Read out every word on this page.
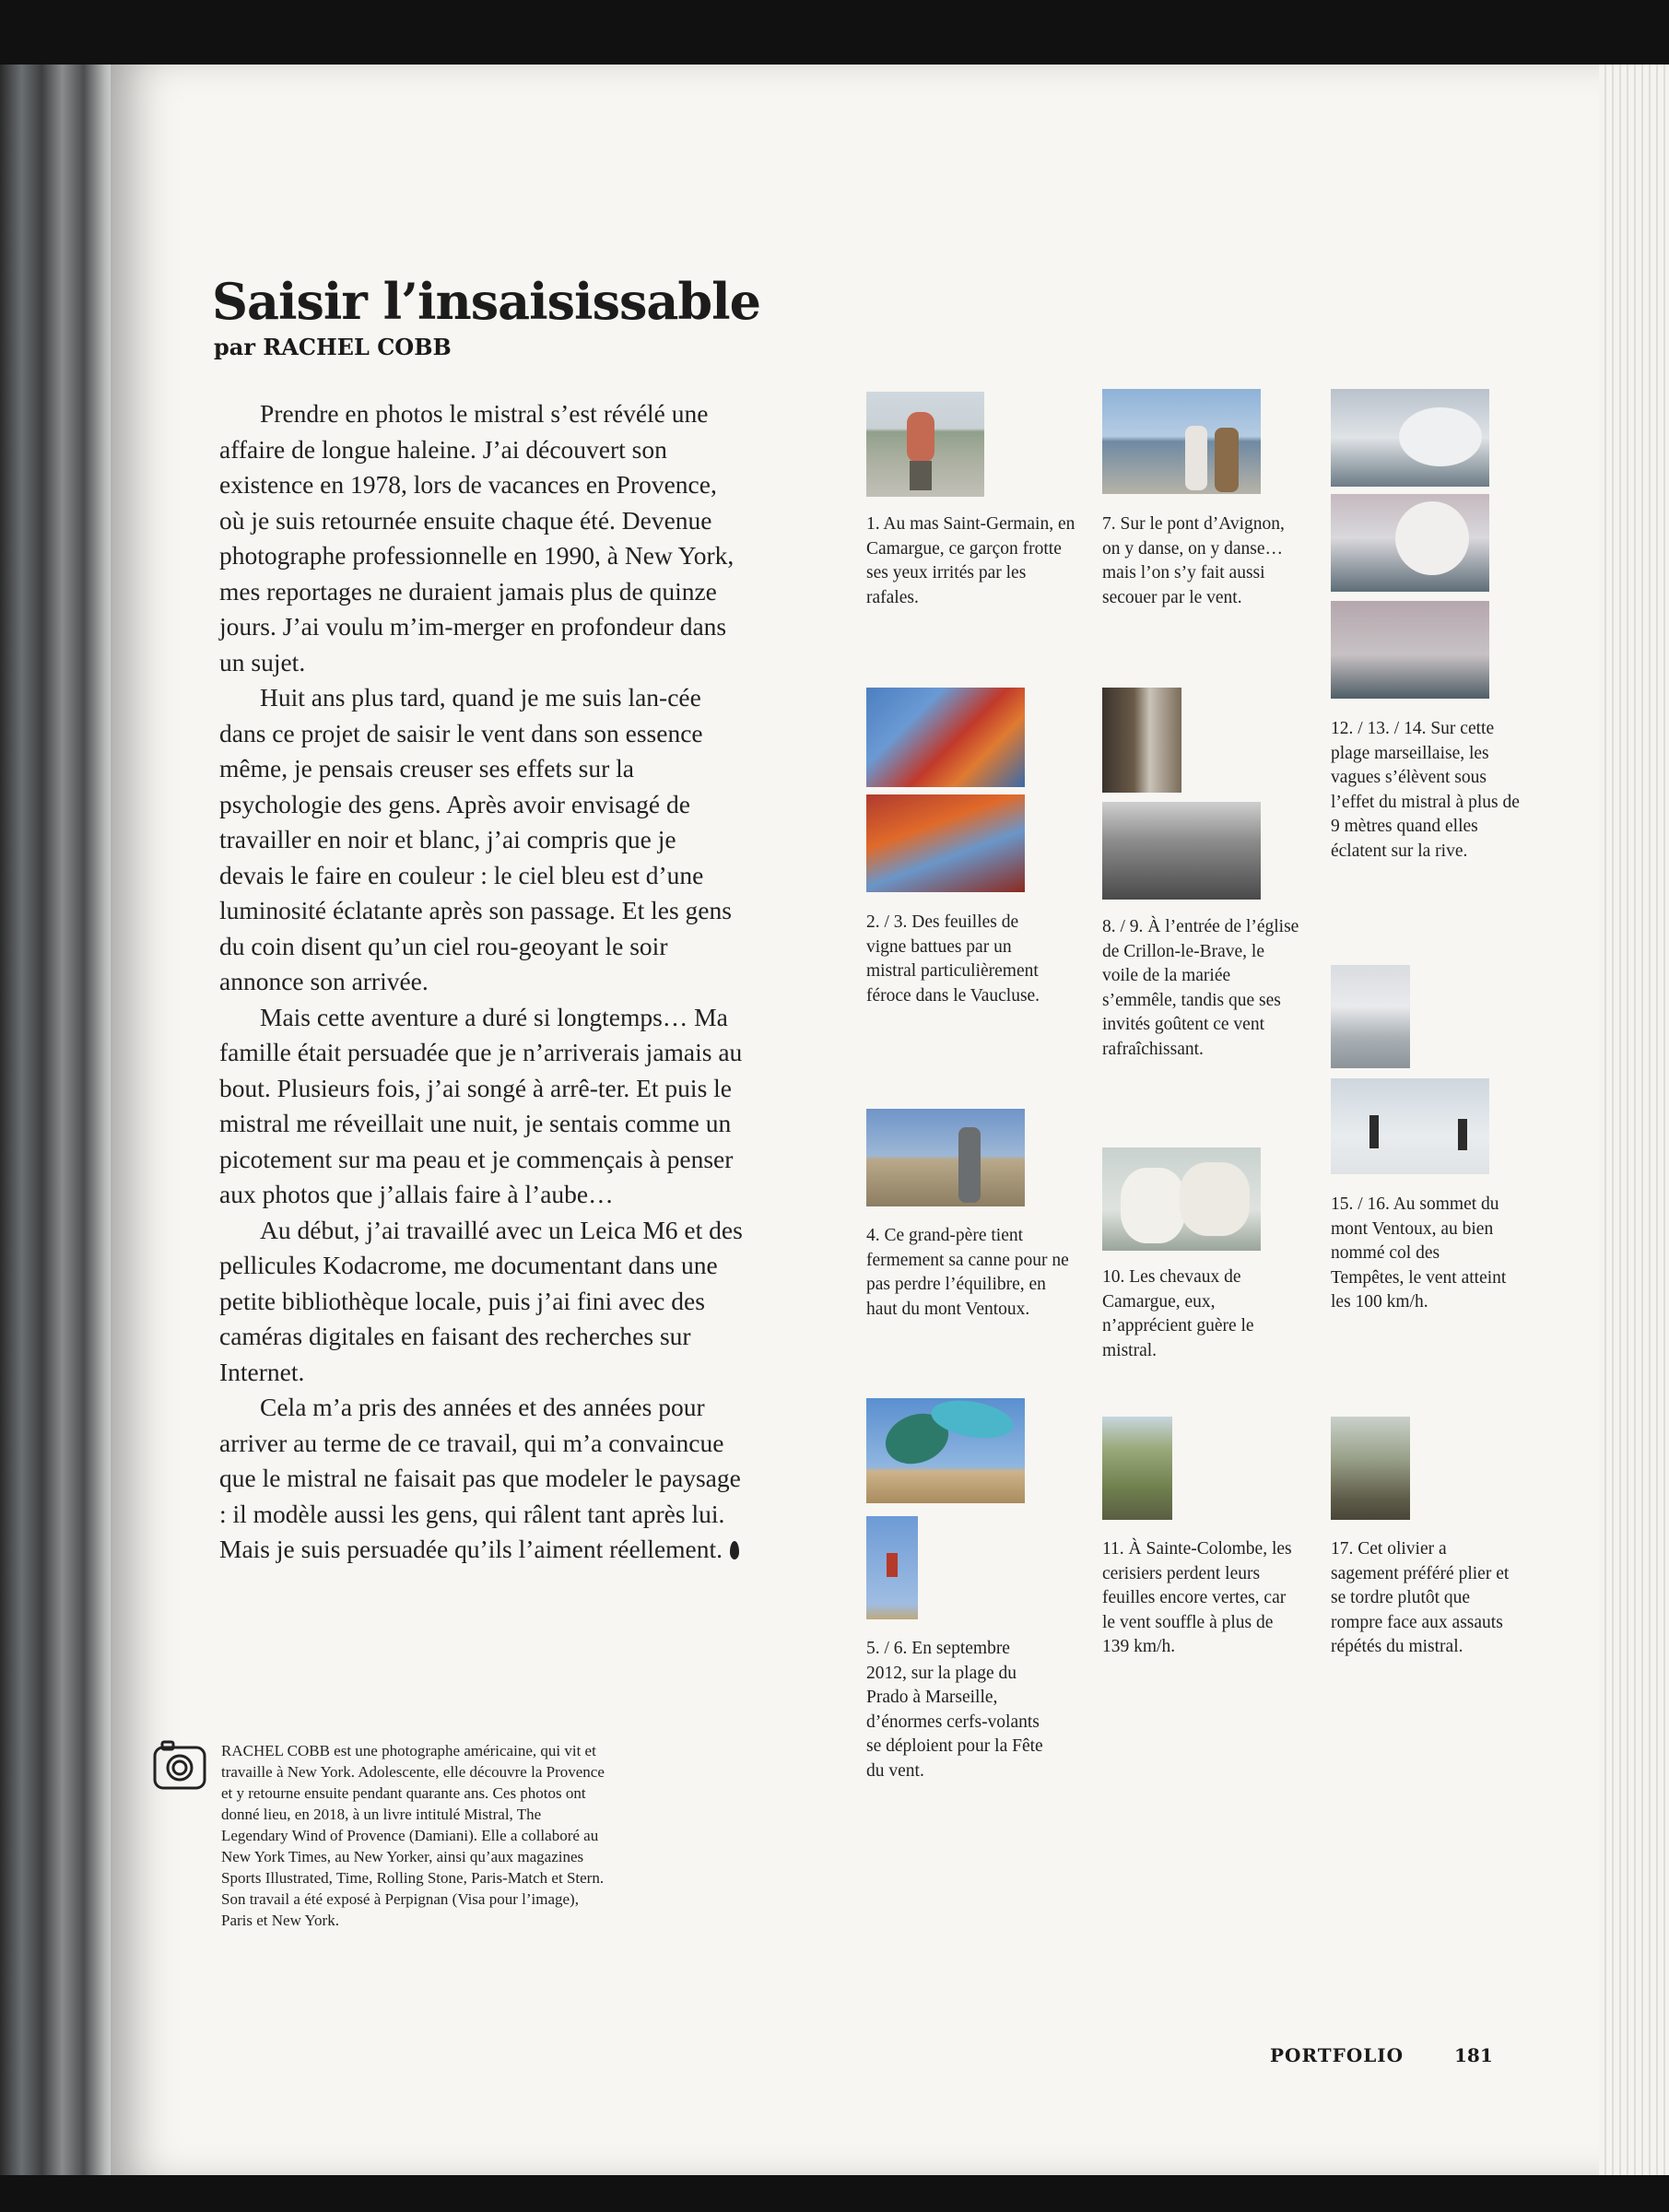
Saisir l’insaisissable
par RACHEL COBB

Prendre en photos le mistral s’est révélé une affaire de longue haleine. J’ai découvert son existence en 1978, lors de vacances en Provence, où je suis retournée ensuite chaque été. Devenue photographe professionnelle en 1990, à New York, mes reportages ne duraient jamais plus de quinze jours. J’ai voulu m’im-merger en profondeur dans un sujet.

Huit ans plus tard, quand je me suis lan-cée dans ce projet de saisir le vent dans son essence même, je pensais creuser ses effets sur la psychologie des gens. Après avoir envisagé de travailler en noir et blanc, j’ai compris que je devais le faire en couleur : le ciel bleu est d’une luminosité éclatante après son passage. Et les gens du coin disent qu’un ciel rou-geoyant le soir annonce son arrivée.

Mais cette aventure a duré si longtemps… Ma famille était persuadée que je n’arriverais jamais au bout. Plusieurs fois, j’ai songé à arrê-ter. Et puis le mistral me réveillait une nuit, je sentais comme un picotement sur ma peau et je commençais à penser aux photos que j’allais faire à l’aube…

Au début, j’ai travaillé avec un Leica M6 et des pellicules Kodacrome, me documentant dans une petite bibliothèque locale, puis j’ai fini avec des caméras digitales en faisant des recherches sur Internet.

Cela m’a pris des années et des années pour arriver au terme de ce travail, qui m’a convaincue que le mistral ne faisait pas que modeler le paysage : il modèle aussi les gens, qui râlent tant après lui. Mais je suis persuadée qu’ils l’aiment réellement.

RACHEL COBB est une photographe américaine, qui vit et travaille à New York. Adolescente, elle découvre la Provence et y retourne ensuite pendant quarante ans. Ces photos ont donné lieu, en 2018, à un livre intitulé Mistral, The Legendary Wind of Provence (Damiani). Elle a collaboré au New York Times, au New Yorker, ainsi qu’aux magazines Sports Illustrated, Time, Rolling Stone, Paris-Match et Stern. Son travail a été exposé à Perpignan (Visa pour l’image), Paris et New York.

1. Au mas Saint-Germain, en Camargue, ce garçon frotte ses yeux irrités par les rafales.

2. / 3. Des feuilles de vigne battues par un mistral particulièrement féroce dans le Vaucluse.

4. Ce grand-père tient fermement sa canne pour ne pas perdre l’équilibre, en haut du mont Ventoux.

5. / 6. En septembre 2012, sur la plage du Prado à Marseille, d’énormes cerfs-volants se déploient pour la Fête du vent.

7. Sur le pont d’Avignon, on y danse, on y danse… mais l’on s’y fait aussi secouer par le vent.

8. / 9. À l’entrée de l’église de Crillon-le-Brave, le voile de la mariée s’emmêle, tandis que ses invités goûtent ce vent rafraîchissant.

10. Les chevaux de Camargue, eux, n’apprécient guère le mistral.

11. À Sainte-Colombe, les cerisiers perdent leurs feuilles encore vertes, car le vent souffle à plus de 139 km/h.

12. / 13. / 14. Sur cette plage marseillaise, les vagues s’élèvent sous l’effet du mistral à plus de 9 mètres quand elles éclatent sur la rive.

15. / 16. Au sommet du mont Ventoux, au bien nommé col des Tempêtes, le vent atteint les 100 km/h.

17. Cet olivier a sagement préféré plier et se tordre plutôt que rompre face aux assauts répétés du mistral.

PORTFOLIO	181
